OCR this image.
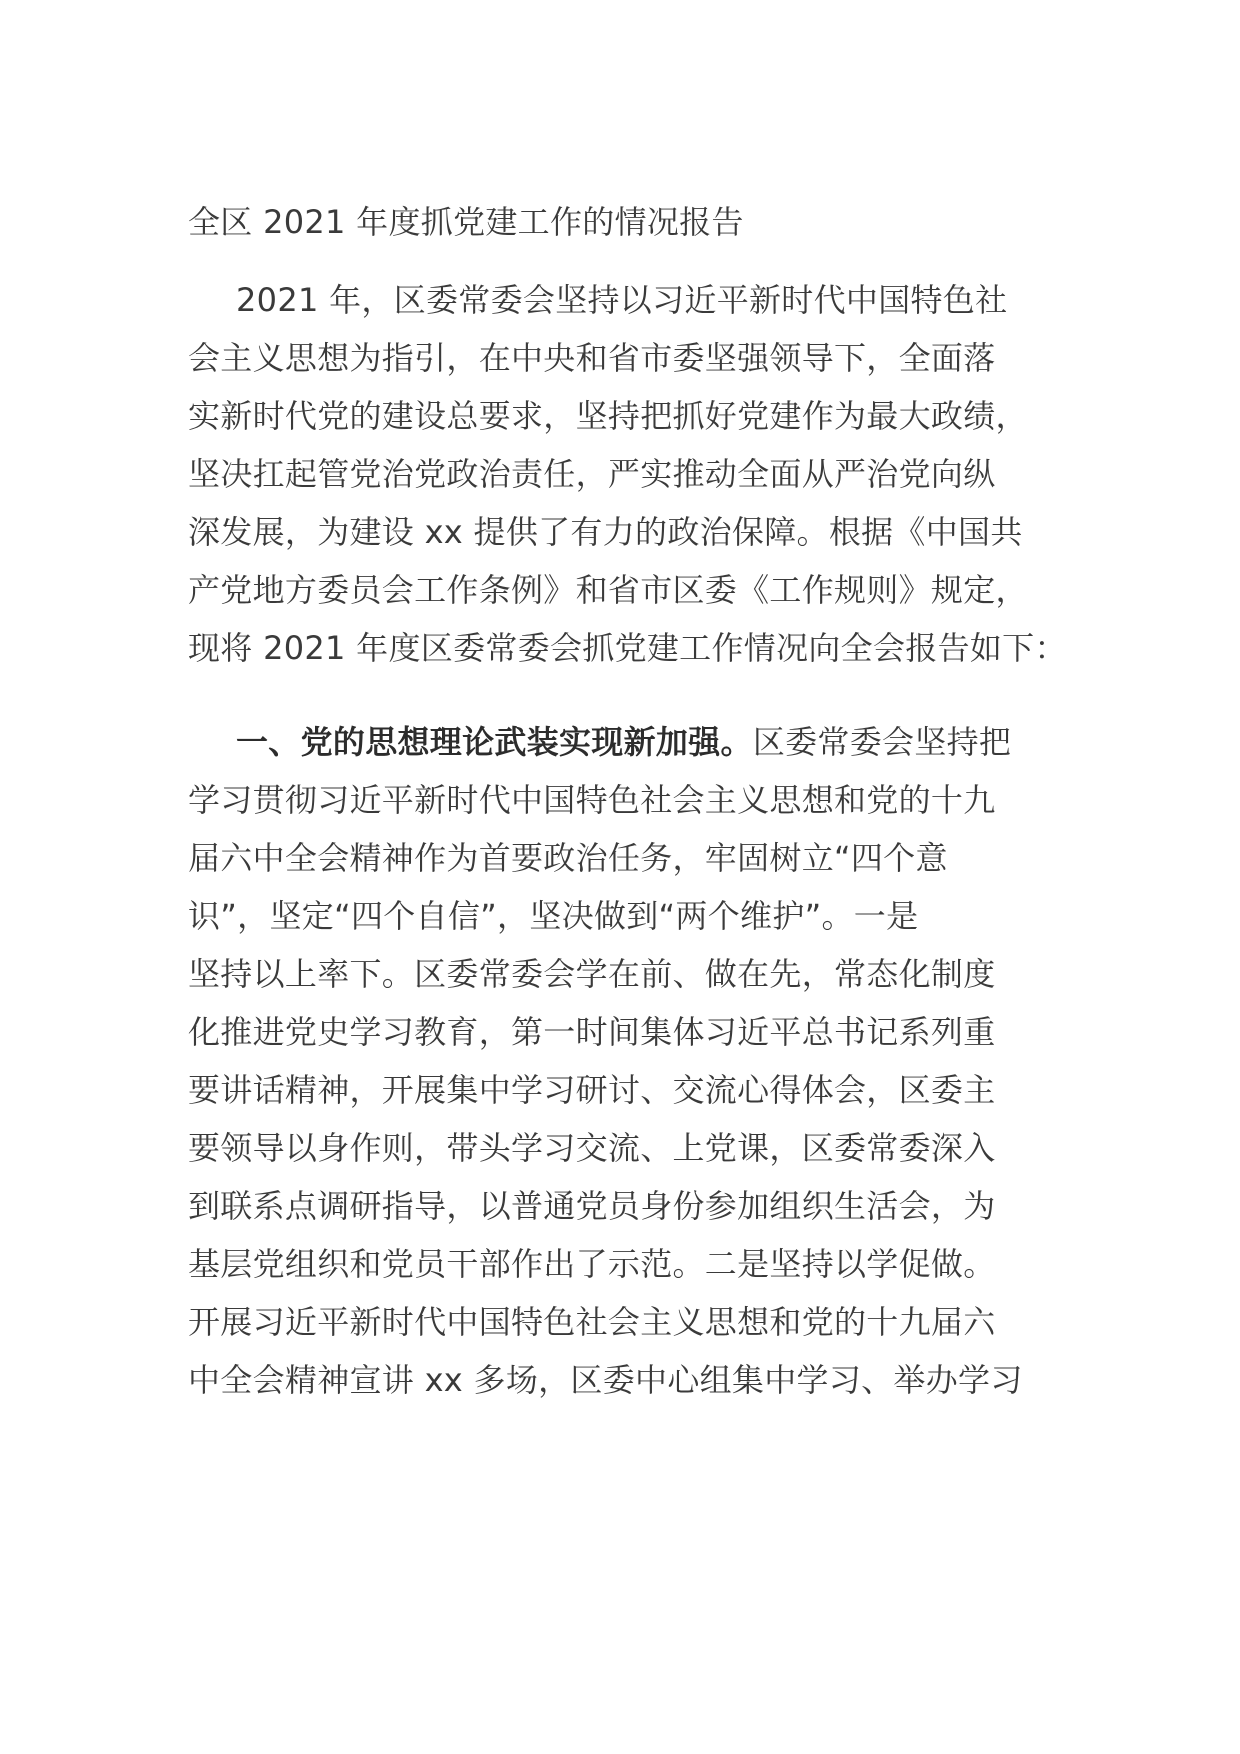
全区 2021 年度抓党建工作的情况报告
2021 年，区委常委会坚持以习近平新时代中国特色社
会主义思想为指引，在中央和省市委坚强领导下，全面落
实新时代党的建设总要求，坚持把抓好党建作为最大政绩，
坚决扛起管党治党政治责任，严实推动全面从严治党向纵
深发展，为建设 xx 提供了有力的政治保障。根据《中国共
产党地方委员会工作条例》和省市区委《工作规则》规定，
现将 2021 年度区委常委会抓党建工作情况向全会报告如下：
一、党的思想理论武装实现新加强。区委常委会坚持把
学习贯彻习近平新时代中国特色社会主义思想和党的十九
届六中全会精神作为首要政治任务，牢固树立“四个意
识”，坚定“四个自信”，坚决做到“两个维护”。一是
坚持以上率下。区委常委会学在前、做在先，常态化制度
化推进党史学习教育，第一时间集体习近平总书记系列重
要讲话精神，开展集中学习研讨、交流心得体会，区委主
要领导以身作则，带头学习交流、上党课，区委常委深入
到联系点调研指导，以普通党员身份参加组织生活会，为
基层党组织和党员干部作出了示范。二是坚持以学促做。
开展习近平新时代中国特色社会主义思想和党的十九届六
中全会精神宣讲 xx 多场，区委中心组集中学习、举办学习
